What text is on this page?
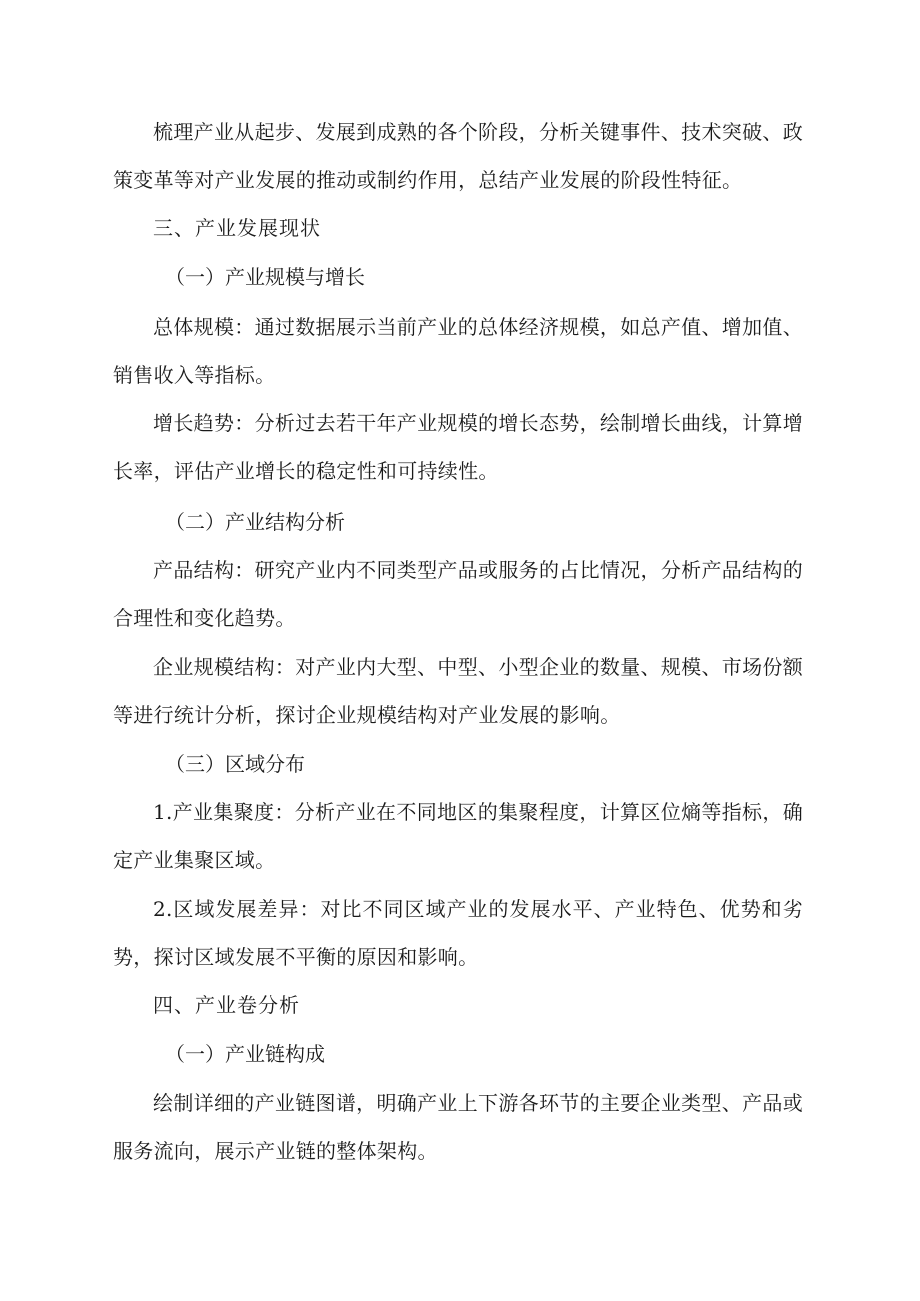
梳理产业从起步、发展到成熟的各个阶段，分析关键事件、技术突破、政策变革等对产业发展的推动或制约作用，总结产业发展的阶段性特征。

三、产业发展现状
（一）产业规模与增长

总体规模：通过数据展示当前产业的总体经济规模，如总产值、增加值、销售收入等指标。

增长趋势：分析过去若干年产业规模的增长态势，绘制增长曲线，计算增长率，评估产业增长的稳定性和可持续性。

（二）产业结构分析

产品结构：研究产业内不同类型产品或服务的占比情况，分析产品结构的合理性和变化趋势。

企业规模结构：对产业内大型、中型、小型企业的数量、规模、市场份额等进行统计分析，探讨企业规模结构对产业发展的影响。

（三）区域分布

1.产业集聚度：分析产业在不同地区的集聚程度，计算区位熵等指标，确定产业集聚区域。

2.区域发展差异：对比不同区域产业的发展水平、产业特色、优势和劣势，探讨区域发展不平衡的原因和影响。

四、产业卷分析
（一）产业链构成

绘制详细的产业链图谱，明确产业上下游各环节的主要企业类型、产品或服务流向，展示产业链的整体架构。
